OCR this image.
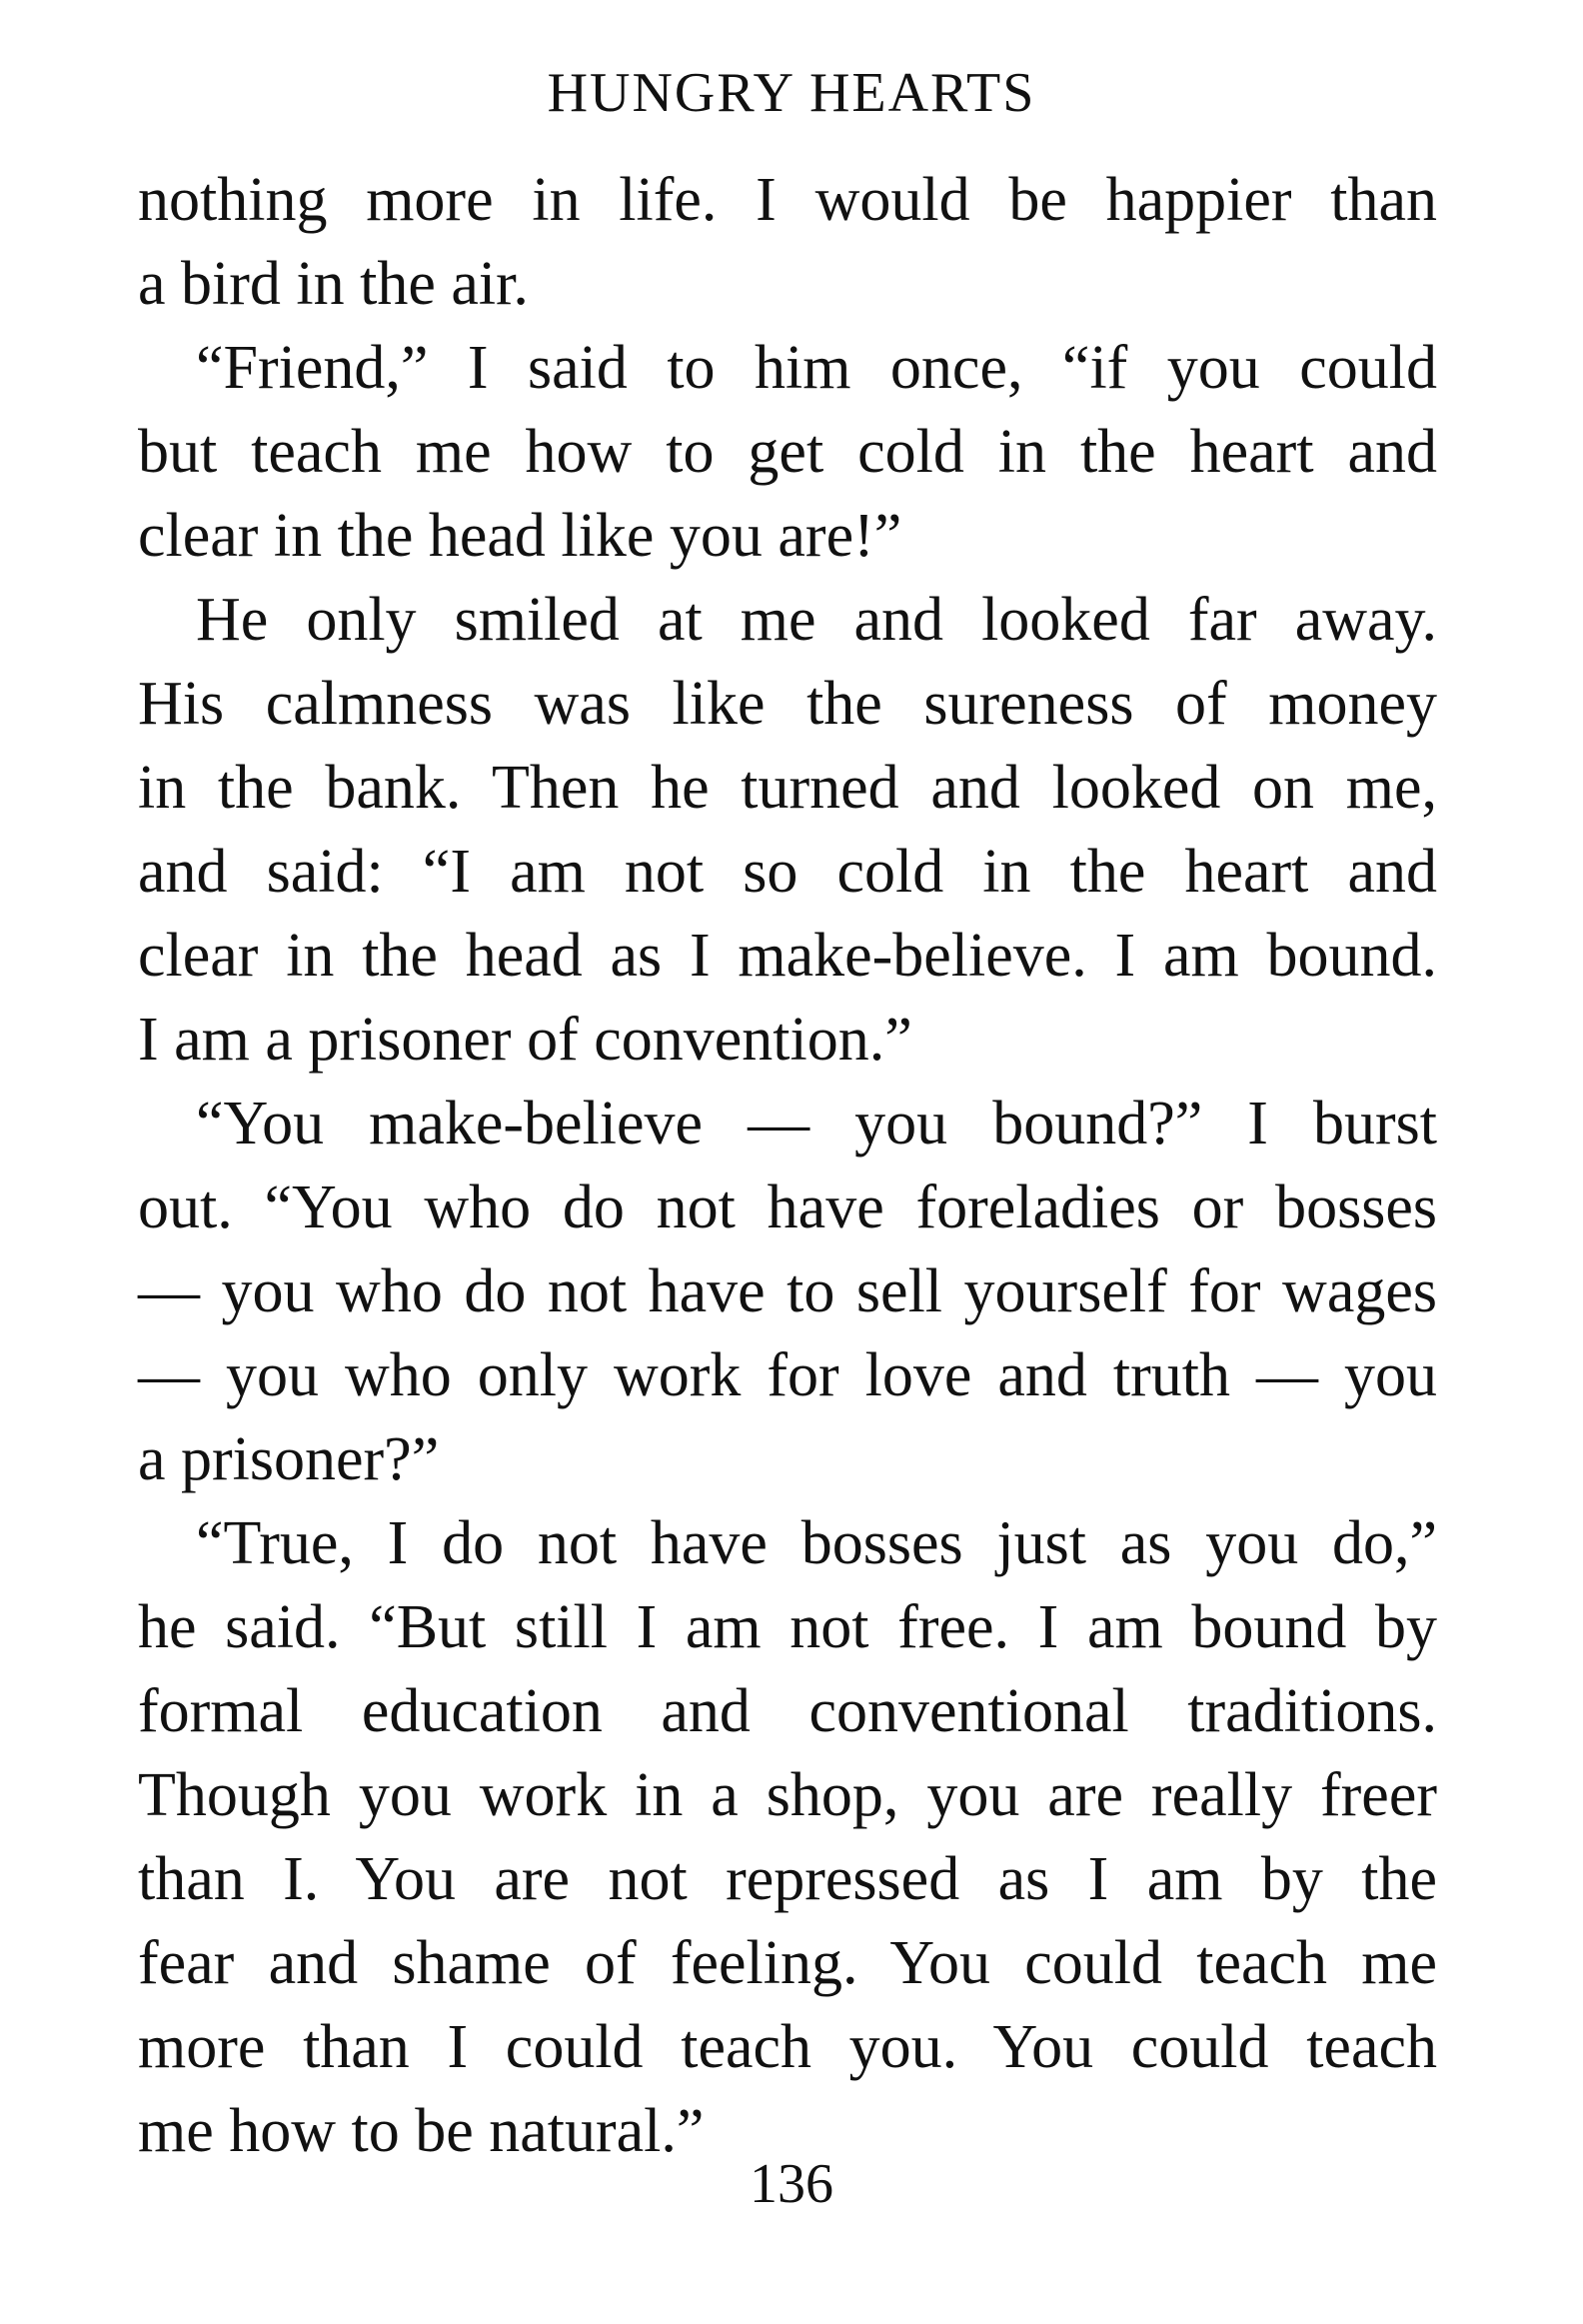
HUNGRY HEARTS
nothing more in life. I would be happier than
a bird in the air.
“Friend,” I said to him once, “if you could
but teach me how to get cold in the heart and
clear in the head like you are!”
He only smiled at me and looked far away.
His calmness was like the sureness of money
in the bank. Then he turned and looked on me,
and said: “I am not so cold in the heart and
clear in the head as I make-believe. I am bound.
I am a prisoner of convention.”
“You make-believe — you bound?” I burst
out. “You who do not have foreladies or bosses
— you who do not have to sell yourself for wages
— you who only work for love and truth — you
a prisoner?”
“True, I do not have bosses just as you do,”
he said. “But still I am not free. I am bound by
formal education and conventional traditions.
Though you work in a shop, you are really freer
than I. You are not repressed as I am by the
fear and shame of feeling. You could teach me
more than I could teach you. You could teach
me how to be natural.”
136
